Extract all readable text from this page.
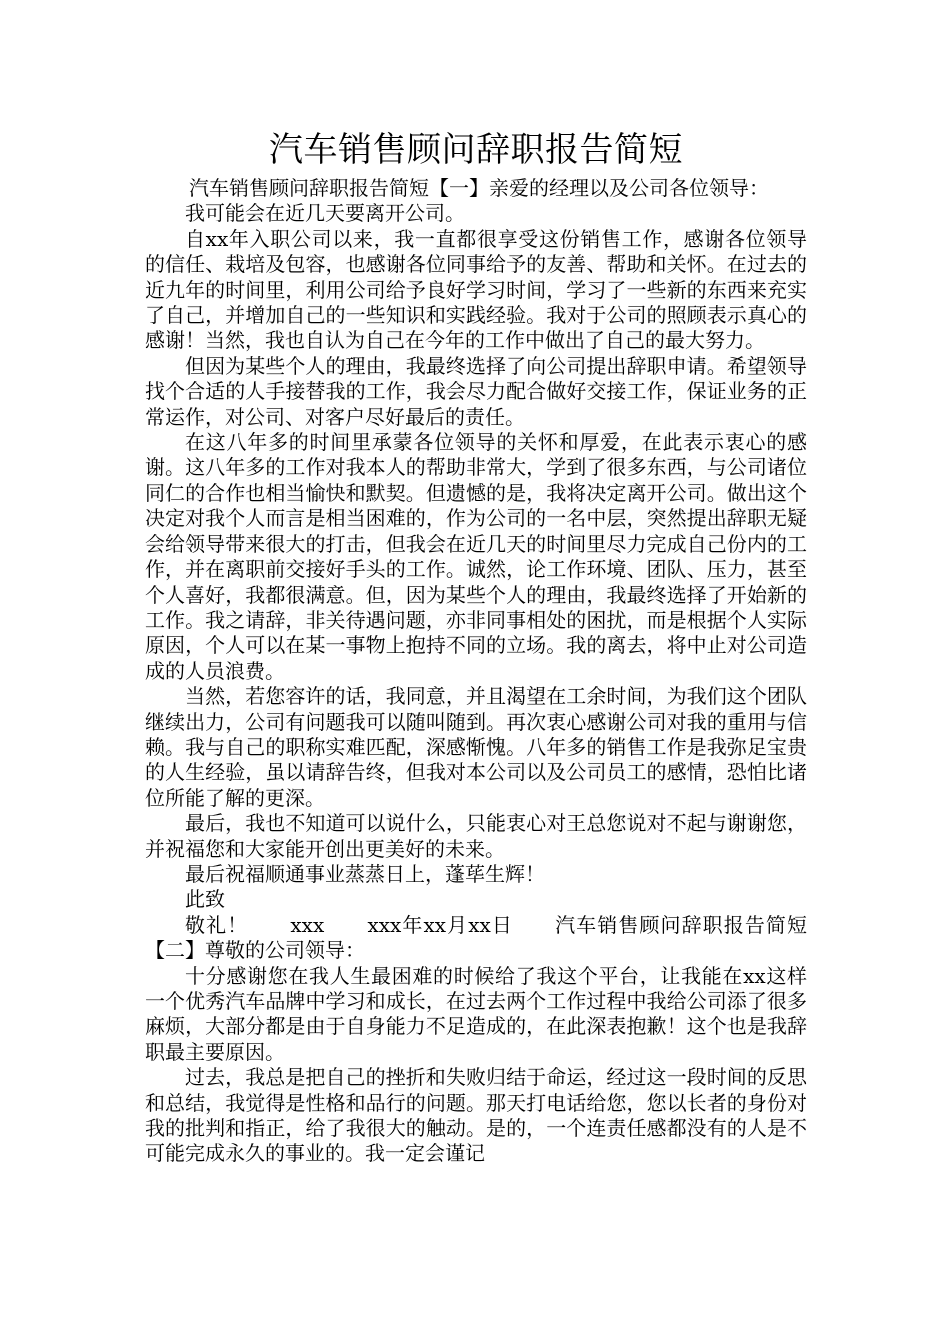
汽车销售顾问辞职报告简短

汽车销售顾问辞职报告简短【一】亲爱的经理以及公司各位领导：

我可能会在近几天要离开公司。

自xx年入职公司以来，我一直都很享受这份销售工作，感谢各位领导的信任、栽培及包容，也感谢各位同事给予的友善、帮助和关怀。在过去的近九年的时间里，利用公司给予良好学习时间，学习了一些新的东西来充实了自己，并增加自己的一些知识和实践经验。我对于公司的照顾表示真心的感谢！当然，我也自认为自己在今年的工作中做出了自己的最大努力。

但因为某些个人的理由，我最终选择了向公司提出辞职申请。希望领导找个合适的人手接替我的工作，我会尽力配合做好交接工作，保证业务的正常运作，对公司、对客户尽好最后的责任。

在这八年多的时间里承蒙各位领导的关怀和厚爱，在此表示衷心的感谢。这八年多的工作对我本人的帮助非常大，学到了很多东西，与公司诸位同仁的合作也相当愉快和默契。但遗憾的是，我将决定离开公司。做出这个决定对我个人而言是相当困难的，作为公司的一名中层，突然提出辞职无疑会给领导带来很大的打击，但我会在近几天的时间里尽力完成自己份内的工作，并在离职前交接好手头的工作。诚然，论工作环境、团队、压力，甚至个人喜好，我都很满意。但，因为某些个人的理由，我最终选择了开始新的工作。我之请辞，非关待遇问题，亦非同事相处的困扰，而是根据个人实际原因，个人可以在某一事物上抱持不同的立场。我的离去，将中止对公司造成的人员浪费。

当然，若您容许的话，我同意，并且渴望在工余时间，为我们这个团队继续出力，公司有问题我可以随叫随到。再次衷心感谢公司对我的重用与信赖。我与自己的职称实难匹配，深感惭愧。八年多的销售工作是我弥足宝贵的人生经验，虽以请辞告终，但我对本公司以及公司员工的感情，恐怕比诸位所能了解的更深。

最后，我也不知道可以说什么，只能衷心对王总您说对不起与谢谢您，并祝福您和大家能开创出更美好的未来。

最后祝福顺通事业蒸蒸日上，蓬荜生辉！

此致

敬礼！　　xxx　　xxx年xx月xx日　　汽车销售顾问辞职报告简短【二】尊敬的公司领导：

十分感谢您在我人生最困难的时候给了我这个平台，让我能在xx这样一个优秀汽车品牌中学习和成长，在过去两个工作过程中我给公司添了很多麻烦，大部分都是由于自身能力不足造成的，在此深表抱歉！这个也是我辞职最主要原因。

过去，我总是把自己的挫折和失败归结于命运，经过这一段时间的反思和总结，我觉得是性格和品行的问题。那天打电话给您，您以长者的身份对我的批判和指正，给了我很大的触动。是的，一个连责任感都没有的人是不可能完成永久的事业的。我一定会谨记
